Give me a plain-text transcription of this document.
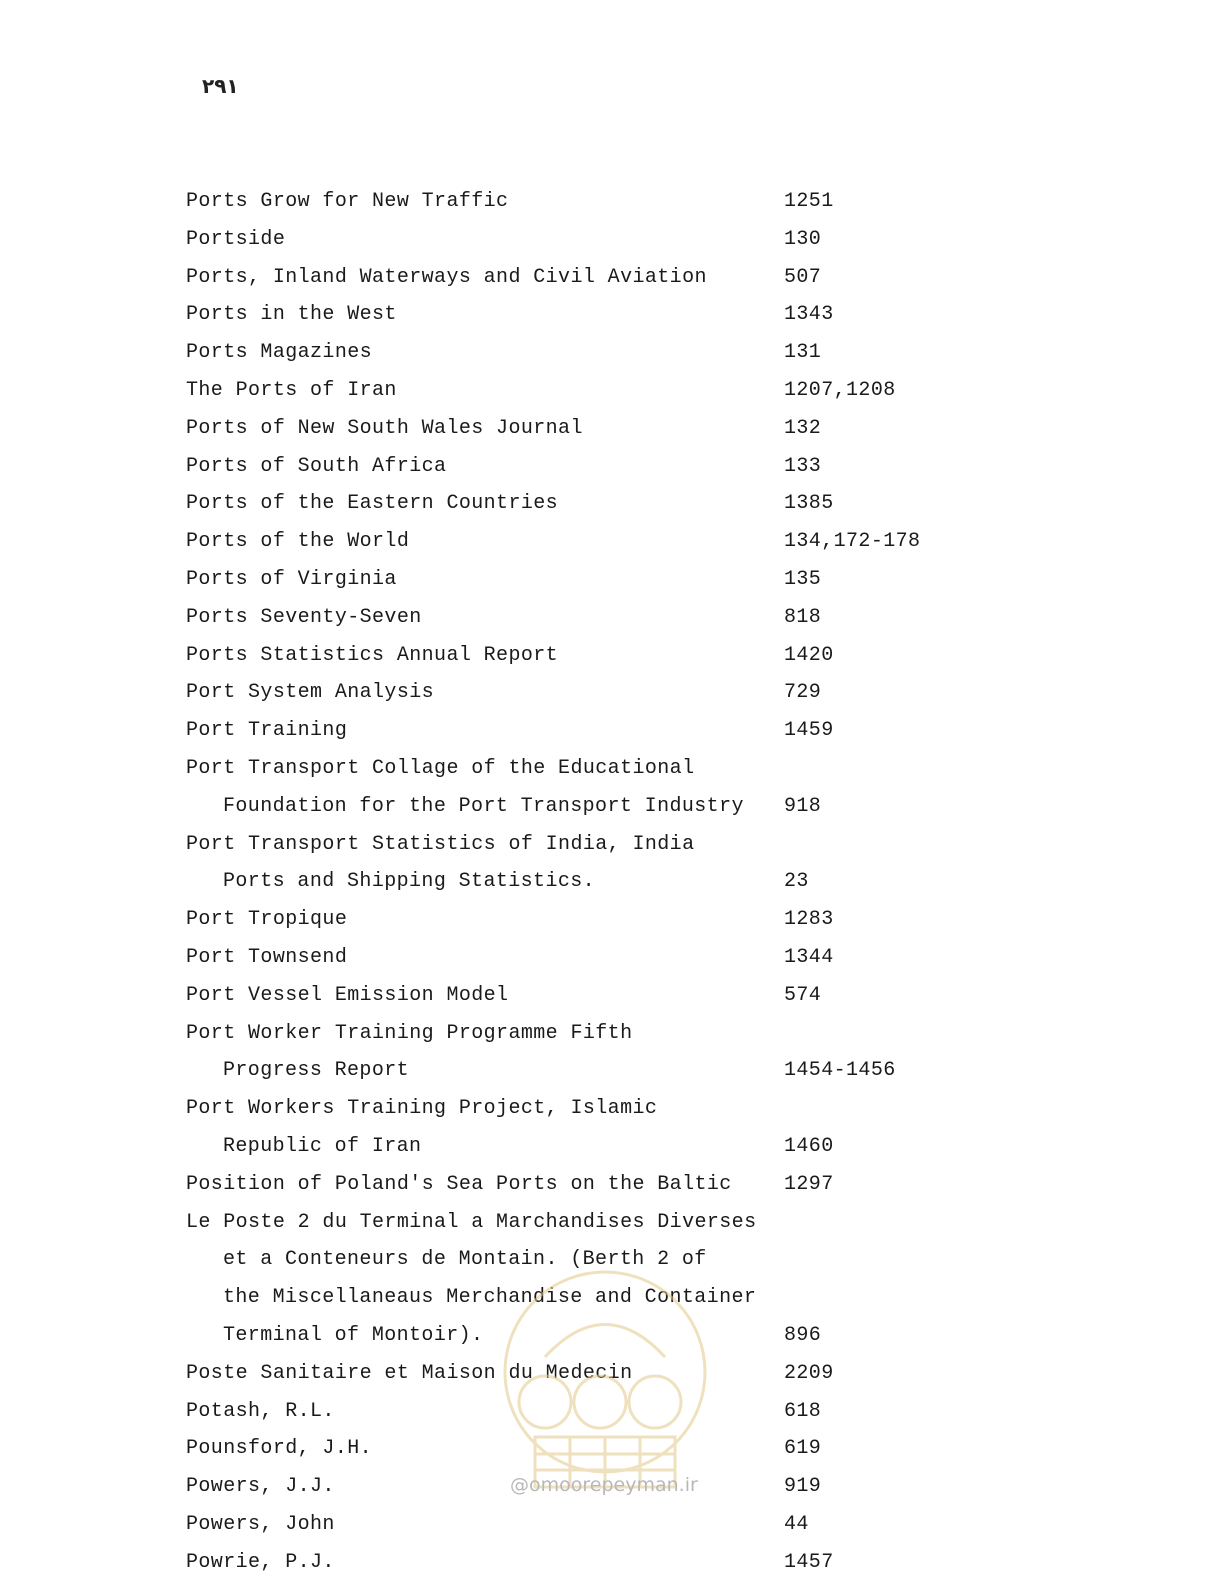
۲۹۱
Ports Grow for New Traffic	1251
Portside	130
Ports, Inland Waterways and Civil Aviation	507
Ports in the West	1343
Ports Magazines	131
The Ports of Iran	1207,1208
Ports of New South Wales Journal	132
Ports of South Africa	133
Ports of the Eastern Countries	1385
Ports of the World	134,172-178
Ports of Virginia	135
Ports Seventy-Seven	818
Ports Statistics Annual Report	1420
Port System Analysis	729
Port Training	1459
Port Transport Collage of the Educational
Foundation for the Port Transport Industry 918
Port Transport Statistics of India, India
Ports and Shipping Statistics.	23
Port Tropique	1283
Port Townsend	1344
Port Vessel Emission Model	574
Port Worker Training Programme Fifth
Progress Report	1454-1456
Port Workers Training Project, Islamic
Republic of Iran	1460
Position of Poland's Sea Ports on the Baltic	1297
Le Poste 2 du Terminal a Marchandises Diverses
et a Conteneurs de Montain. (Berth 2 of
the Miscellaneaus Merchandise and Container
Terminal of Montoir).	896
Poste Sanitaire et Maison du Medecin	2209
Potash, R.L.	618
Pounsford, J.H.	619
Powers, J.J.	919
Powers, John	44
Powrie, P.J.	1457
@omoorepeyman.ir
